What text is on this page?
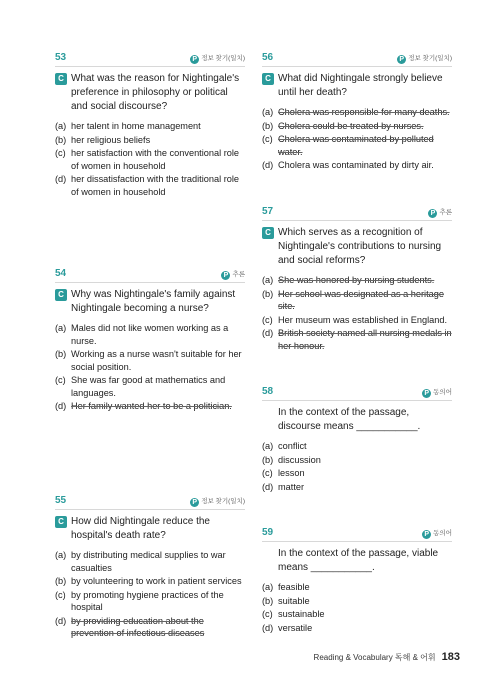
53	P 정보 찾기(일치)
C What was the reason for Nightingale's preference in philosophy or political and social discourse?
(a) her talent in home management
(b) her religious beliefs
(c) her satisfaction with the conventional role of women in household
(d) her dissatisfaction with the traditional role of women in household
54	P 추론
C Why was Nightingale's family against Nightingale becoming a nurse?
(a) Males did not like women working as a nurse.
(b) Working as a nurse wasn't suitable for her social position.
(c) She was far good at mathematics and languages.
(d) Her family wanted her to be a politician.
55	P 정보 찾기(일치)
C How did Nightingale reduce the hospital's death rate?
(a) by distributing medical supplies to war casualties
(b) by volunteering to work in patient services
(c) by promoting hygiene practices of the hospital
(d) by providing education about the prevention of infectious diseases
56	P 정보 찾기(일치)
C What did Nightingale strongly believe until her death?
(a) Cholera was responsible for many deaths.
(b) Cholera could be treated by nurses.
(c) Cholera was contaminated by polluted water.
(d) Cholera was contaminated by dirty air.
57	P 추론
C Which serves as a recognition of Nightingale's contributions to nursing and social reforms?
(a) She was honored by nursing students.
(b) Her school was designated as a heritage site.
(c) Her museum was established in England.
(d) British society named all nursing medals in her honour.
58	P 동의어
In the context of the passage, discourse means ___________.
(a) conflict
(b) discussion
(c) lesson
(d) matter
59	P 동의어
In the context of the passage, viable means ___________.
(a) feasible
(b) suitable
(c) sustainable
(d) versatile
Reading & Vocabulary 독해 & 어휘 183
